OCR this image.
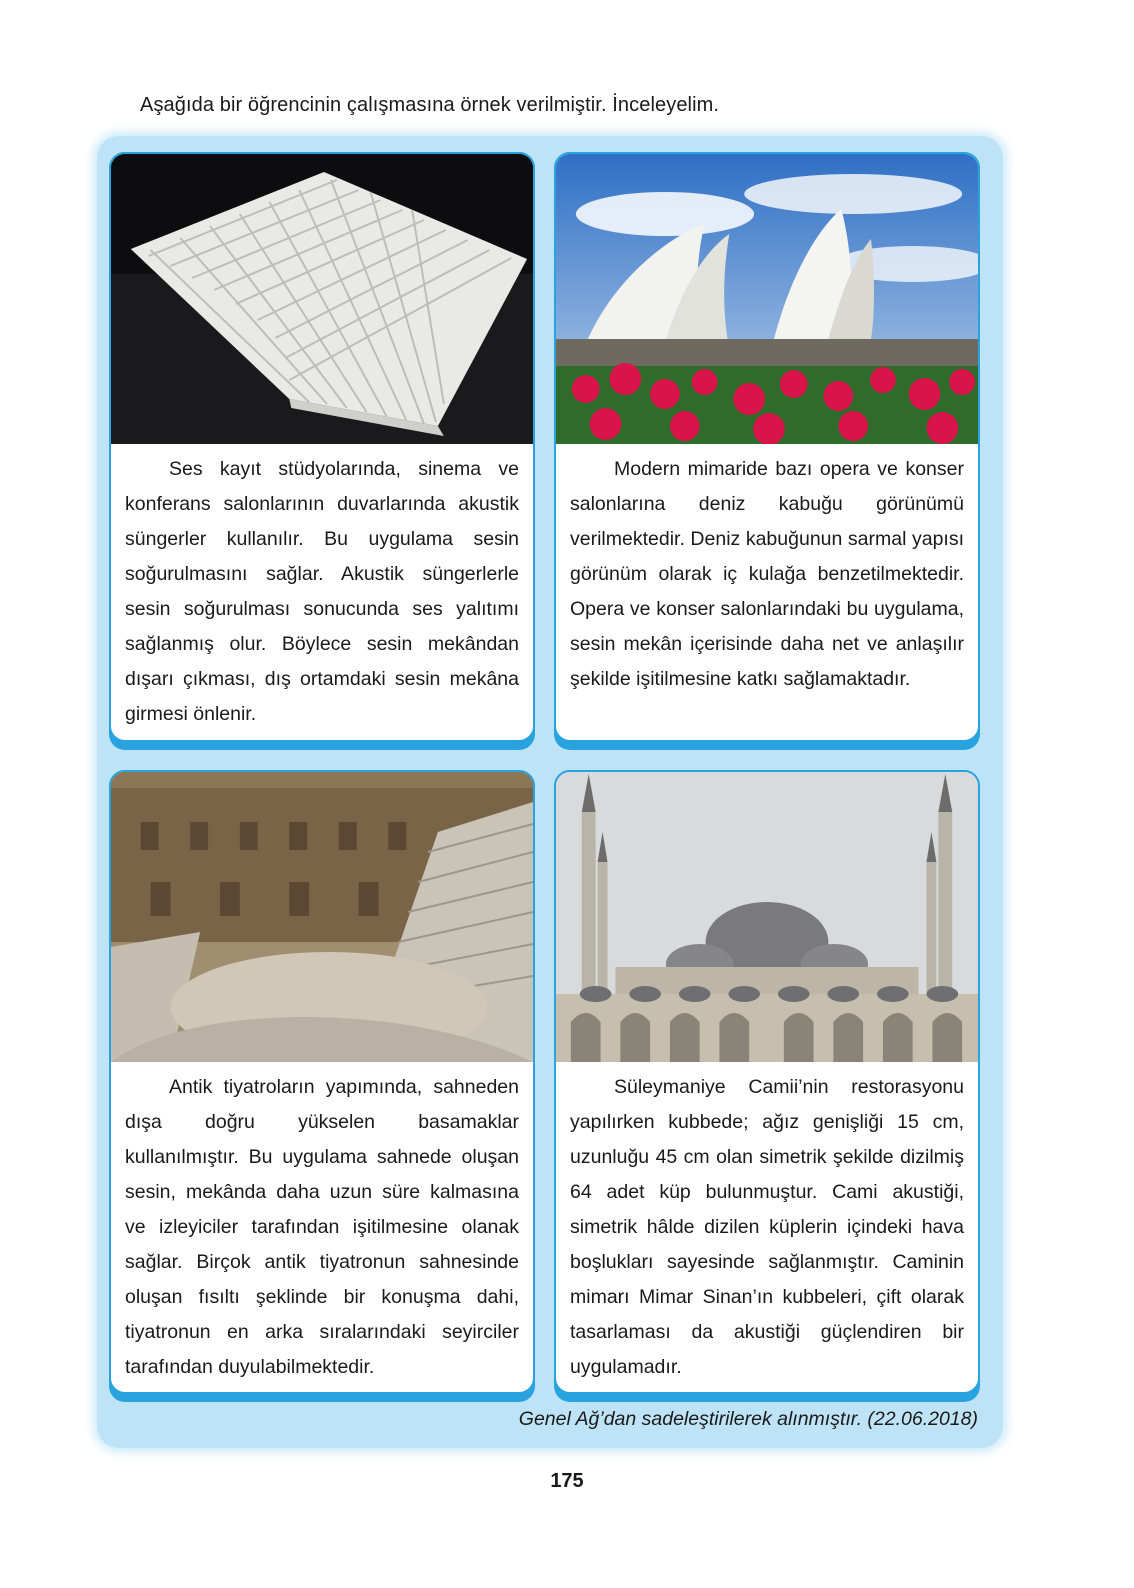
Aşağıda bir öğrencinin çalışmasına örnek verilmiştir. İnceleyelim.
Ses kayıt stüdyolarında, sinema ve konferans salonlarının duvarlarında akustik süngerler kullanılır. Bu uygulama sesin soğurulmasını sağlar. Akustik süngerlerle sesin soğurulması sonucunda ses yalıtımı sağlanmış olur. Böylece sesin mekândan dışarı çıkması, dış ortamdaki sesin mekâna girmesi önlenir.
Modern mimaride bazı opera ve konser salonlarına deniz kabuğu görünümü verilmektedir. Deniz kabuğunun sarmal yapısı görünüm olarak iç kulağa benzetilmektedir. Opera ve konser salonlarındaki bu uygulama, sesin mekân içerisinde daha net ve anlaşılır şekilde işitilmesine katkı sağlamaktadır.
Antik tiyatroların yapımında, sahneden dışa doğru yükselen basamaklar kullanılmıştır. Bu uygulama sahnede oluşan sesin, mekânda daha uzun süre kalmasına ve izleyiciler tarafından işitilmesine olanak sağlar. Birçok antik tiyatronun sahnesinde oluşan fısıltı şeklinde bir konuşma dahi, tiyatronun en arka sıralarındaki seyirciler tarafından duyulabilmektedir.
Süleymaniye Camii’nin restorasyonu yapılırken kubbede; ağız genişliği 15 cm, uzunluğu 45 cm olan simetrik şekilde dizilmiş 64 adet küp bulunmuştur. Cami akustiği, simetrik hâlde dizilen küplerin içindeki hava boşlukları sayesinde sağlanmıştır. Caminin mimarı Mimar Sinan’ın kubbeleri, çift olarak tasarlaması da akustiği güçlendiren bir uygulamadır.
Genel Ağ’dan sadeleştirilerek alınmıştır. (22.06.2018)
175
